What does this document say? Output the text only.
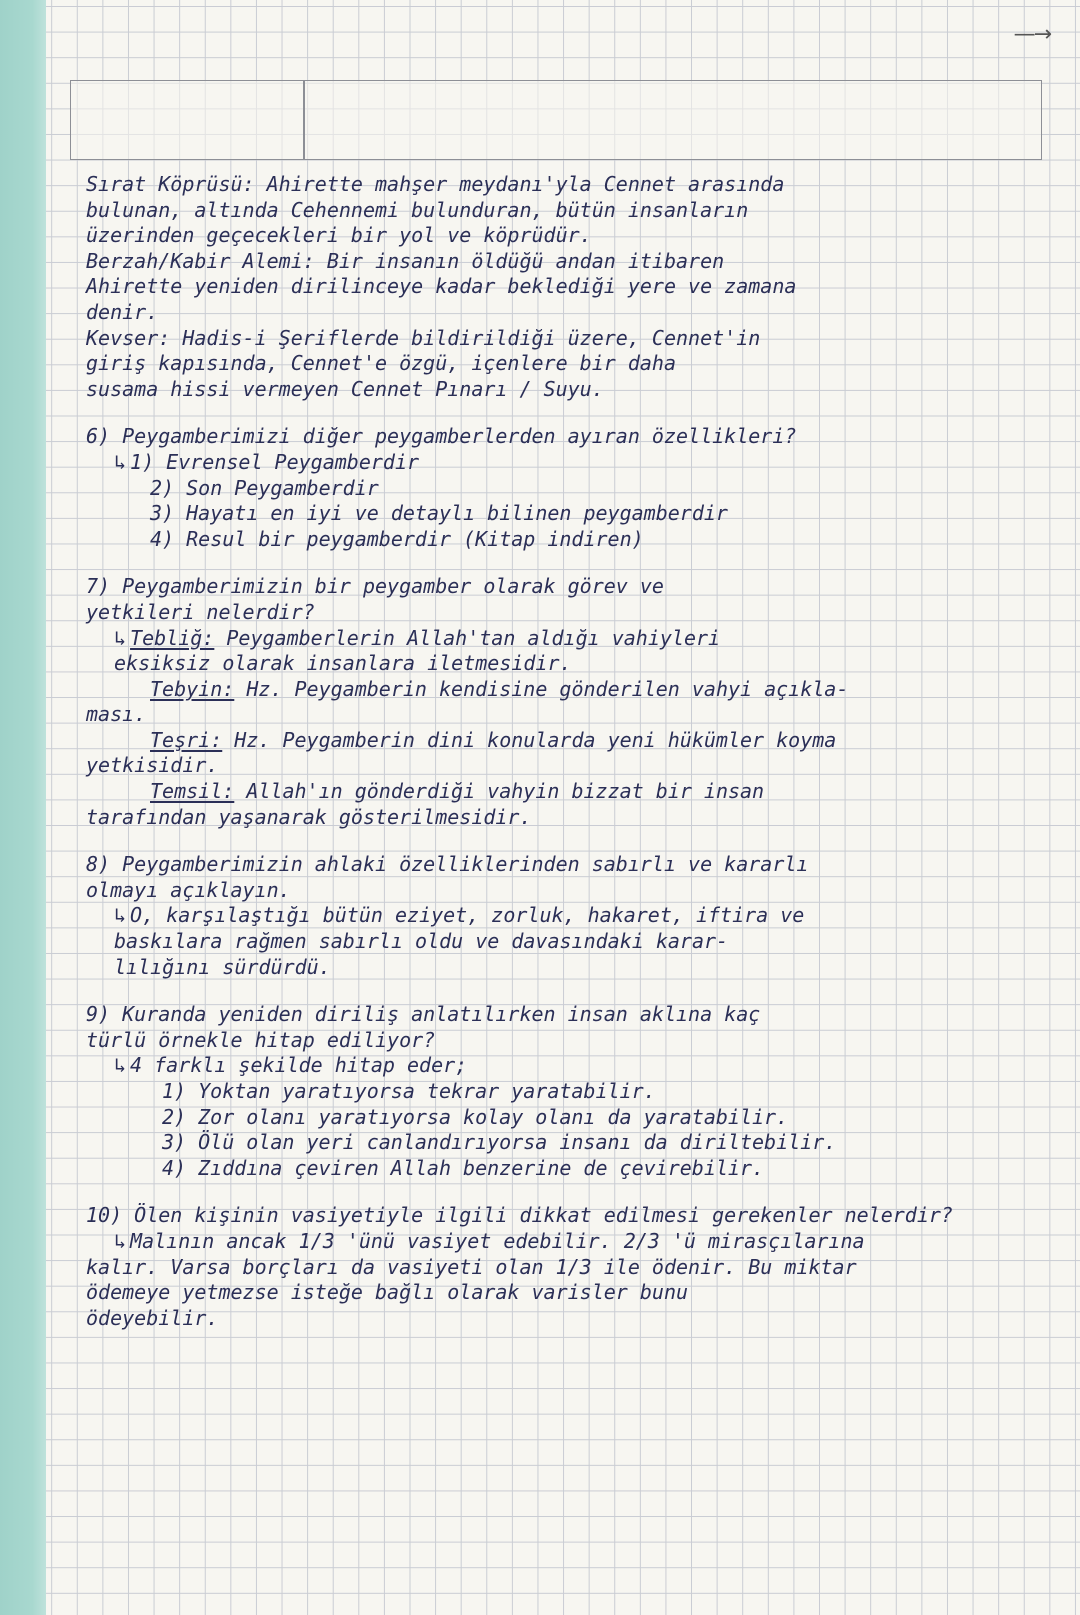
—→

Sırat Köprüsü: Ahirette mahşer meydanı'yla Cennet arasında

bulunan, altında Cehennemi bulunduran, bütün insanların

üzerinden geçecekleri bir yol ve köprüdür.

Berzah/Kabir Alemi: Bir insanın öldüğü andan itibaren

Ahirette yeniden dirilinceye kadar beklediği yere ve zamana

denir.

Kevser: Hadis-i Şeriflerde bildirildiği üzere, Cennet'in

giriş kapısında, Cennet'e özgü, içenlere bir daha

susama hissi vermeyen Cennet Pınarı / Suyu.

6) Peygamberimizi diğer peygamberlerden ayıran özellikleri?

↳ 1) Evrensel Peygamberdir

2) Son Peygamberdir

3) Hayatı en iyi ve detaylı bilinen peygamberdir

4) Resul bir peygamberdir (Kitap indiren)

7) Peygamberimizin bir peygamber olarak görev ve

yetkileri nelerdir?

↳ Tebliğ: Peygamberlerin Allah'tan aldığı vahiyleri

eksiksiz olarak insanlara iletmesidir.

Tebyin: Hz. Peygamberin kendisine gönderilen vahyi açıkla-

ması.

Teşri: Hz. Peygamberin dini konularda yeni hükümler koyma

yetkisidir.

Temsil: Allah'ın gönderdiği vahyin bizzat bir insan

tarafından yaşanarak gösterilmesidir.

8) Peygamberimizin ahlaki özelliklerinden sabırlı ve kararlı

olmayı açıklayın.

↳ O, karşılaştığı bütün eziyet, zorluk, hakaret, iftira ve

baskılara rağmen sabırlı oldu ve davasındaki karar-

lılığını sürdürdü.

9) Kuranda yeniden diriliş anlatılırken insan aklına kaç

türlü örnekle hitap ediliyor?

↳ 4 farklı şekilde hitap eder;

1) Yoktan yaratıyorsa tekrar yaratabilir.

2) Zor olanı yaratıyorsa kolay olanı da yaratabilir.

3) Ölü olan yeri canlandırıyorsa insanı da diriltebilir.

4) Zıddına çeviren Allah benzerine de çevirebilir.

10) Ölen kişinin vasiyetiyle ilgili dikkat edilmesi gerekenler nelerdir?

↳ Malının ancak 1/3 'ünü vasiyet edebilir. 2/3 'ü mirasçılarına

kalır. Varsa borçları da vasiyeti olan 1/3 ile ödenir. Bu miktar

ödemeye yetmezse isteğe bağlı olarak varisler bunu

ödeyebilir.
